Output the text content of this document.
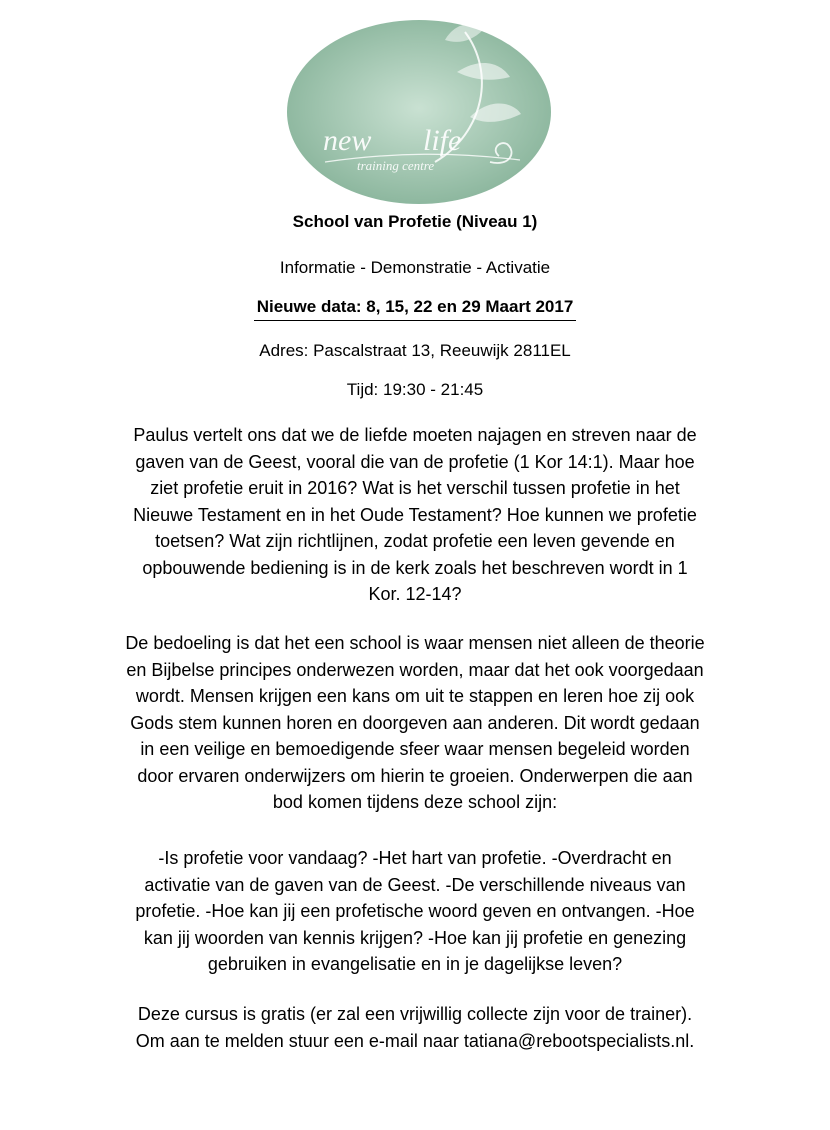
new life
training centre
School van Profetie (Niveau 1)
Informatie - Demonstratie - Activatie
Nieuwe data: 8, 15, 22 en 29 Maart 2017
Adres: Pascalstraat 13, Reeuwijk 2811EL
Tijd: 19:30 - 21:45
Paulus vertelt ons dat we de liefde moeten najagen en streven naar de
gaven van de Geest, vooral die van de profetie (1 Kor 14:1). Maar hoe
ziet profetie eruit in 2016? Wat is het verschil tussen profetie in het
Nieuwe Testament en in het Oude Testament? Hoe kunnen we profetie
toetsen? Wat zijn richtlijnen, zodat profetie een leven gevende en
opbouwende bediening is in de kerk zoals het beschreven wordt in 1
Kor. 12-14?
De bedoeling is dat het een school is waar mensen niet alleen de theorie
en Bijbelse principes onderwezen worden, maar dat het ook voorgedaan
wordt. Mensen krijgen een kans om uit te stappen en leren hoe zij ook
Gods stem kunnen horen en doorgeven aan anderen. Dit wordt gedaan
in een veilige en bemoedigende sfeer waar mensen begeleid worden
door ervaren onderwijzers om hierin te groeien. Onderwerpen die aan
bod komen tijdens deze school zijn:
-Is profetie voor vandaag? -Het hart van profetie. -Overdracht en
activatie van de gaven van de Geest. -De verschillende niveaus van
profetie. -Hoe kan jij een profetische woord geven en ontvangen. -Hoe
kan jij woorden van kennis krijgen? -Hoe kan jij profetie en genezing
gebruiken in evangelisatie en in je dagelijkse leven?
Deze cursus is gratis (er zal een vrijwillig collecte zijn voor de trainer).
Om aan te melden stuur een e-mail naar tatiana@rebootspecialists.nl.
